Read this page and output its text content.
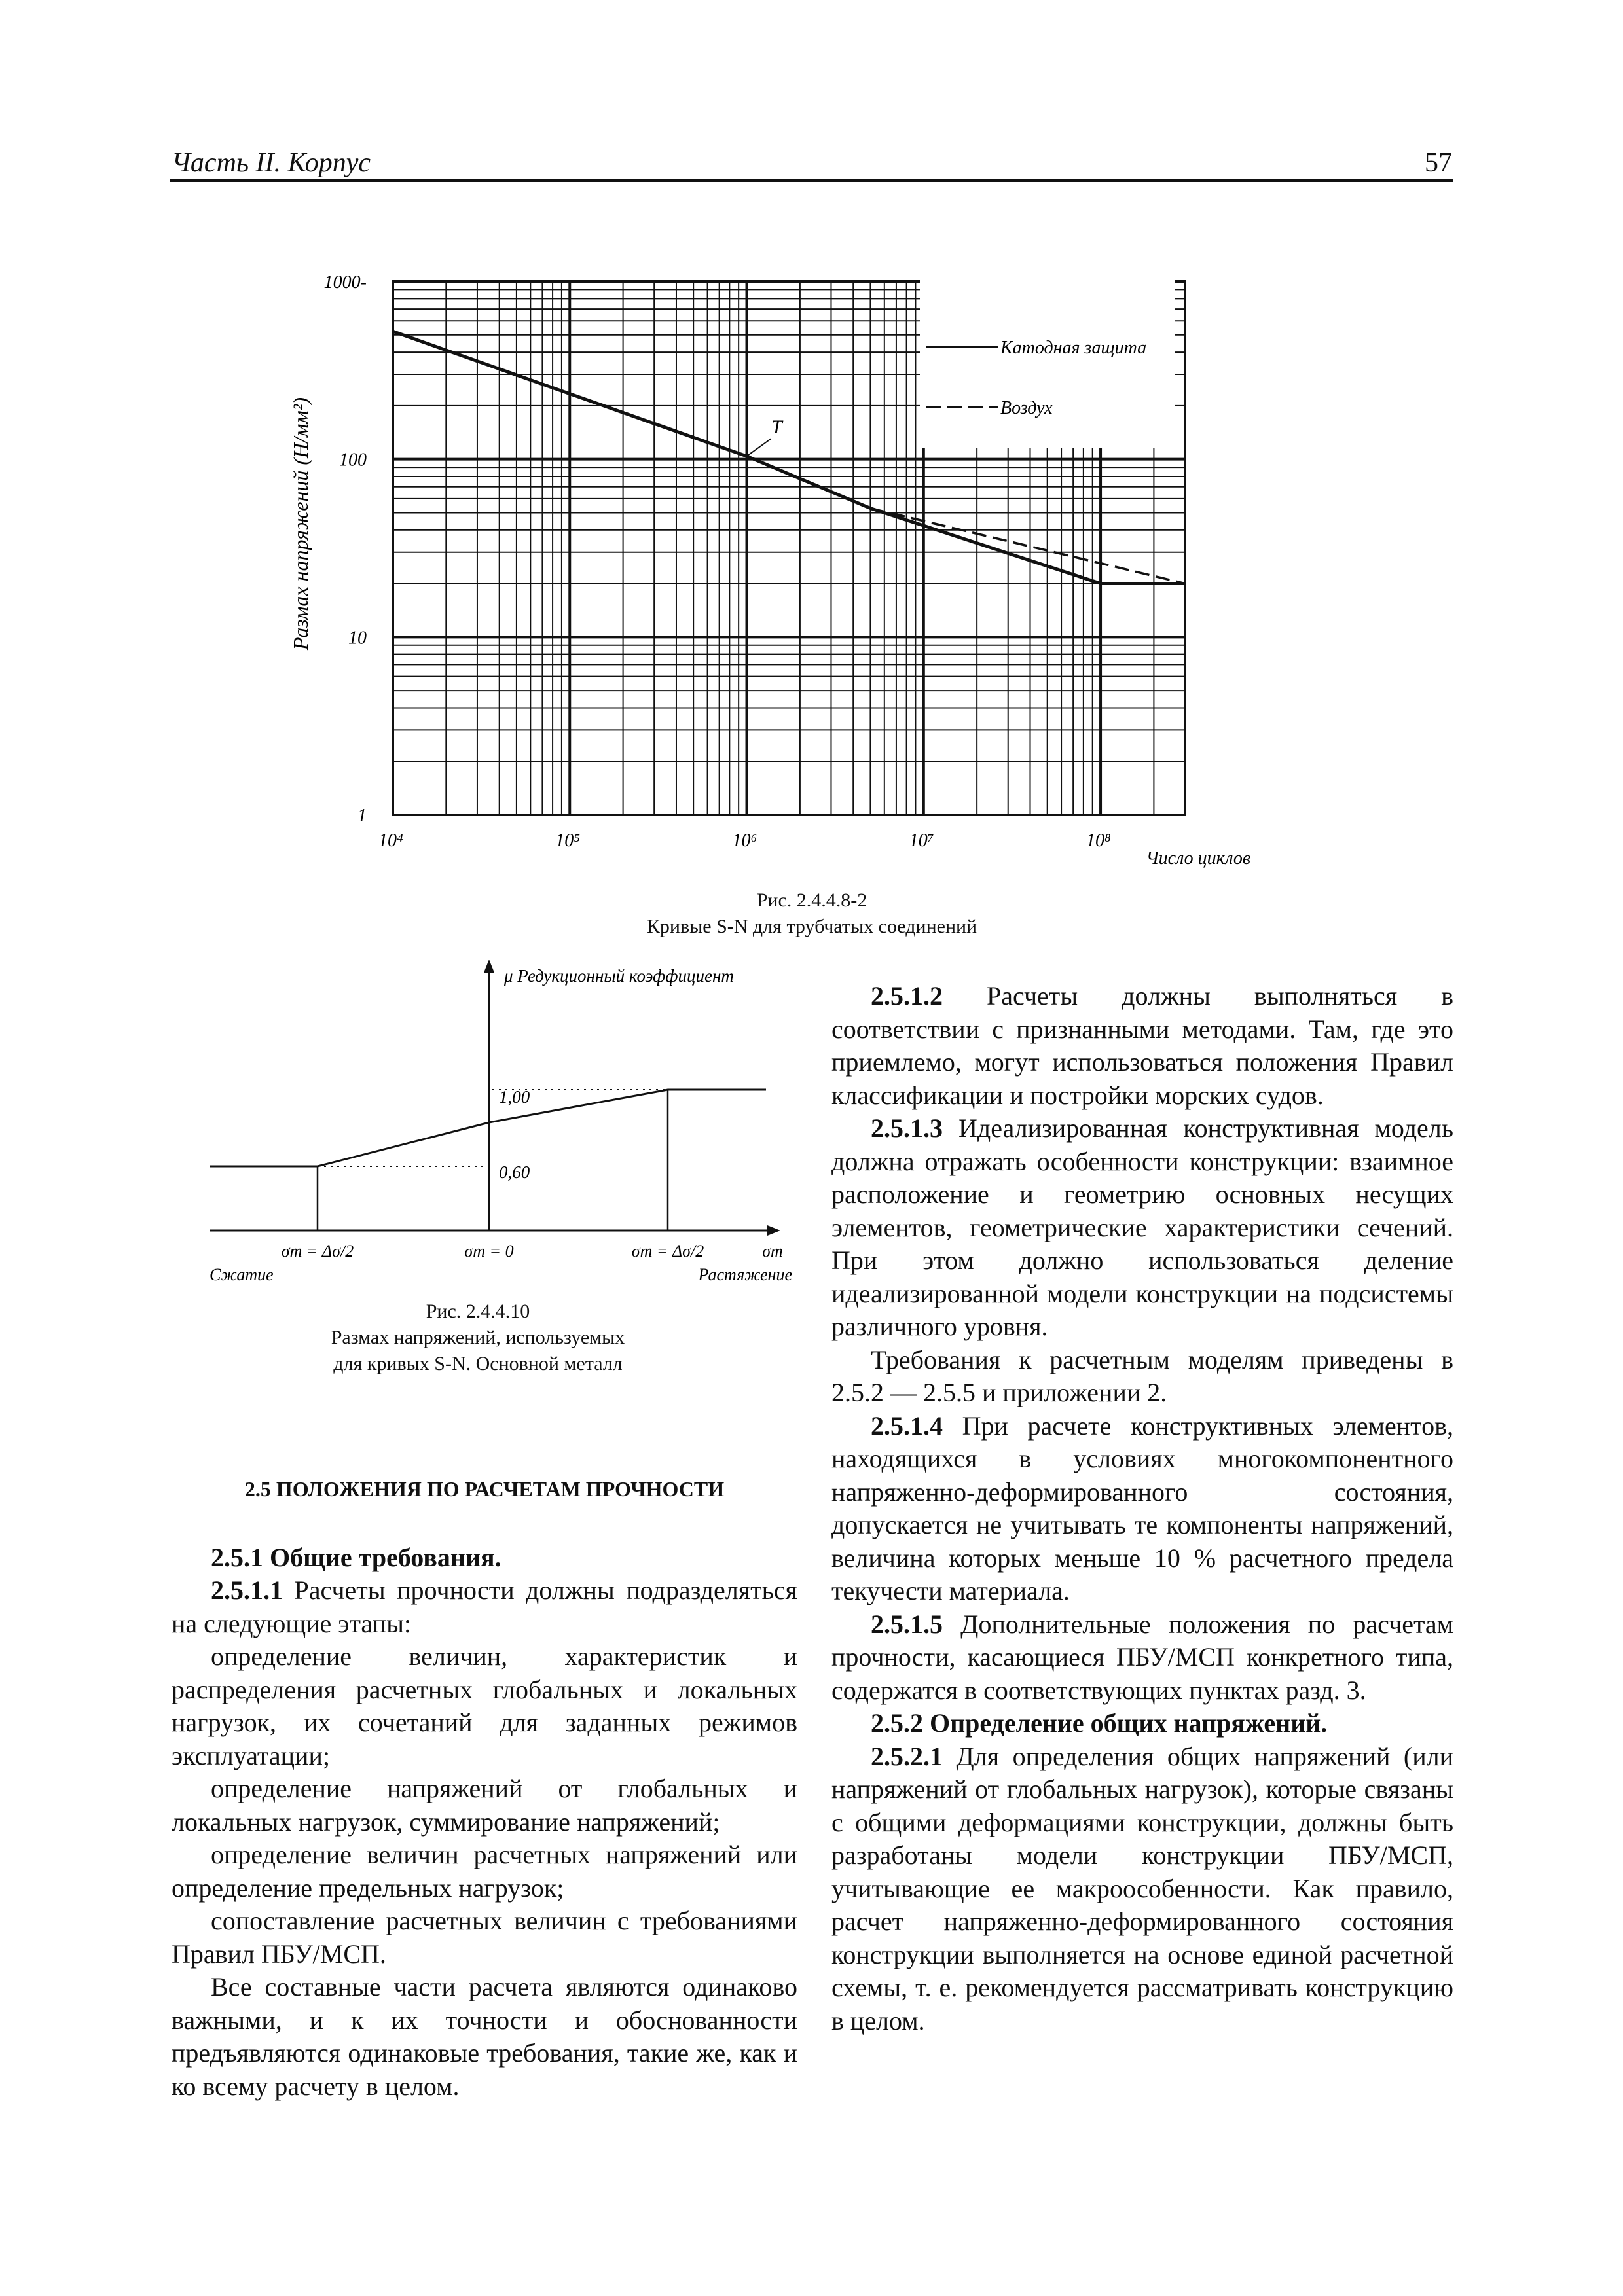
Часть II. Корпус	57
10⁴	10⁵	10⁶	10⁷	10⁸
1000-
100
10
1
Размах напряжений (Н/мм²)
Число циклов
T
Катодная защита
Воздух
Рис. 2.4.4.8-2
Кривые S-N для трубчатых соединений
μ Редукционный коэффициент
1,00
0,60
σm = Δσ/2	σm = 0	σm = Δσ/2	σm
Сжатие	Растяжение
Рис. 2.4.4.10
Размах напряжений, используемых
для кривых S-N. Основной металл

2.5 ПОЛОЖЕНИЯ ПО РАСЧЕТАМ ПРОЧНОСТИ

2.5.1 Общие требования.

2.5.1.1 Расчеты прочности должны подразделяться на следующие этапы:

определение величин, характеристик и распределения расчетных глобальных и локальных нагрузок, их сочетаний для заданных режимов эксплуатации;

определение напряжений от глобальных и локальных нагрузок, суммирование напряжений;

определение величин расчетных напряжений или определение предельных нагрузок;

сопоставление расчетных величин с требованиями Правил ПБУ/МСП.

Все составные части расчета являются одинаково важными, и к их точности и обоснованности предъявляются одинаковые требования, такие же, как и ко всему расчету в целом.

2.5.1.2 Расчеты должны выполняться в соответствии с признанными методами. Там, где это приемлемо, могут использоваться положения Правил классификации и постройки морских судов.

2.5.1.3 Идеализированная конструктивная модель должна отражать особенности конструкции: взаимное расположение и геометрию основных несущих элементов, геометрические характеристики сечений. При этом должно использоваться деление идеализированной модели конструкции на подсистемы различного уровня.

Требования к расчетным моделям приведены в 2.5.2 — 2.5.5 и приложении 2.

2.5.1.4 При расчете конструктивных элементов, находящихся в условиях многокомпонентного напряженно-деформированного состояния, допускается не учитывать те компоненты напряжений, величина которых меньше 10 % расчетного предела текучести материала.

2.5.1.5 Дополнительные положения по расчетам прочности, касающиеся ПБУ/МСП конкретного типа, содержатся в соответствующих пунктах разд. 3.

2.5.2 Определение общих напряжений.

2.5.2.1 Для определения общих напряжений (или напряжений от глобальных нагрузок), которые связаны с общими деформациями конструкции, должны быть разработаны модели конструкции ПБУ/МСП, учитывающие ее макроособенности. Как правило, расчет напряженно-деформированного состояния конструкции выполняется на основе единой расчетной схемы, т. е. рекомендуется рассматривать конструкцию в целом.
